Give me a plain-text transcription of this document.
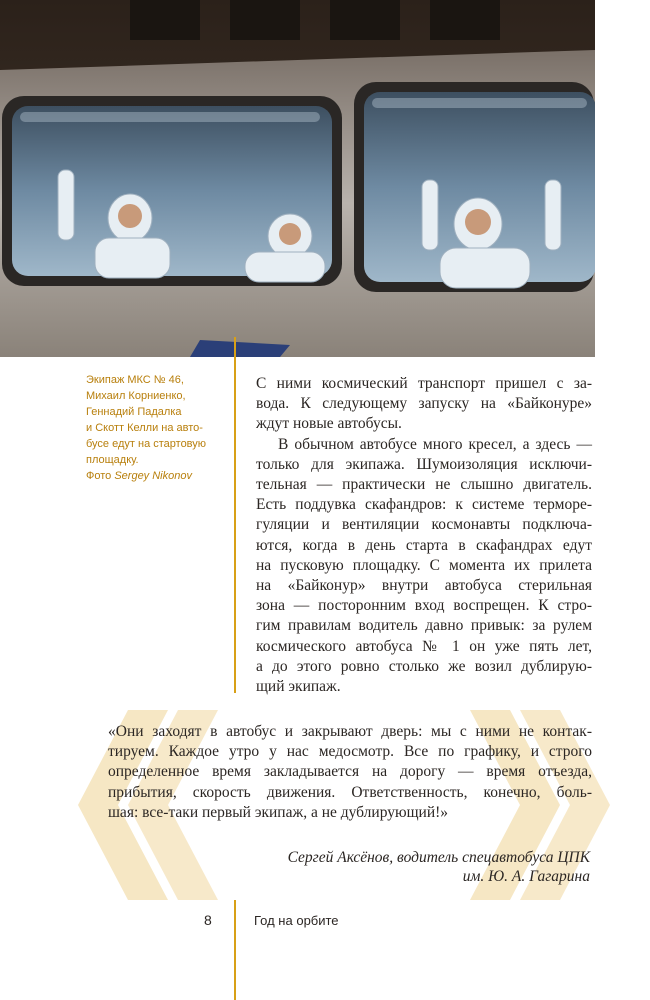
Экипаж МКС № 46,
Михаил Корниенко,
Геннадий Падалка
и Скотт Келли на авто-
бусе едут на стартовую
площадку.
Фото Sergey Nikonov
С ними космический транспорт пришел с за-
вода. К следующему запуску на «Байконуре»
ждут новые автобусы.
В обычном автобусе много кресел, а здесь —
только для экипажа. Шумоизоляция исключи-
тельная — практически не слышно двигатель.
Есть поддувка скафандров: к системе терморе-
гуляции и вентиляции космонавты подключа-
ются, когда в день старта в скафандрах едут
на пусковую площадку. С момента их прилета
на «Байконур» внутри автобуса стерильная
зона — посторонним вход воспрещен. К стро-
гим правилам водитель давно привык: за рулем
космического автобуса № 1 он уже пять лет,
а до этого ровно столько же возил дублирую-
щий экипаж.
«Они заходят в автобус и закрывают дверь: мы с ними не контак-
тируем. Каждое утро у нас медосмотр. Все по графику, и строго
определенное время закладывается на дорогу — время отъезда,
прибытия, скорость движения. Ответственность, конечно, боль-
шая: все-таки первый экипаж, а не дублирующий!»
Сергей Аксёнов, водитель спецавтобуса ЦПК
им. Ю. А. Гагарина
8	Год на орбите
